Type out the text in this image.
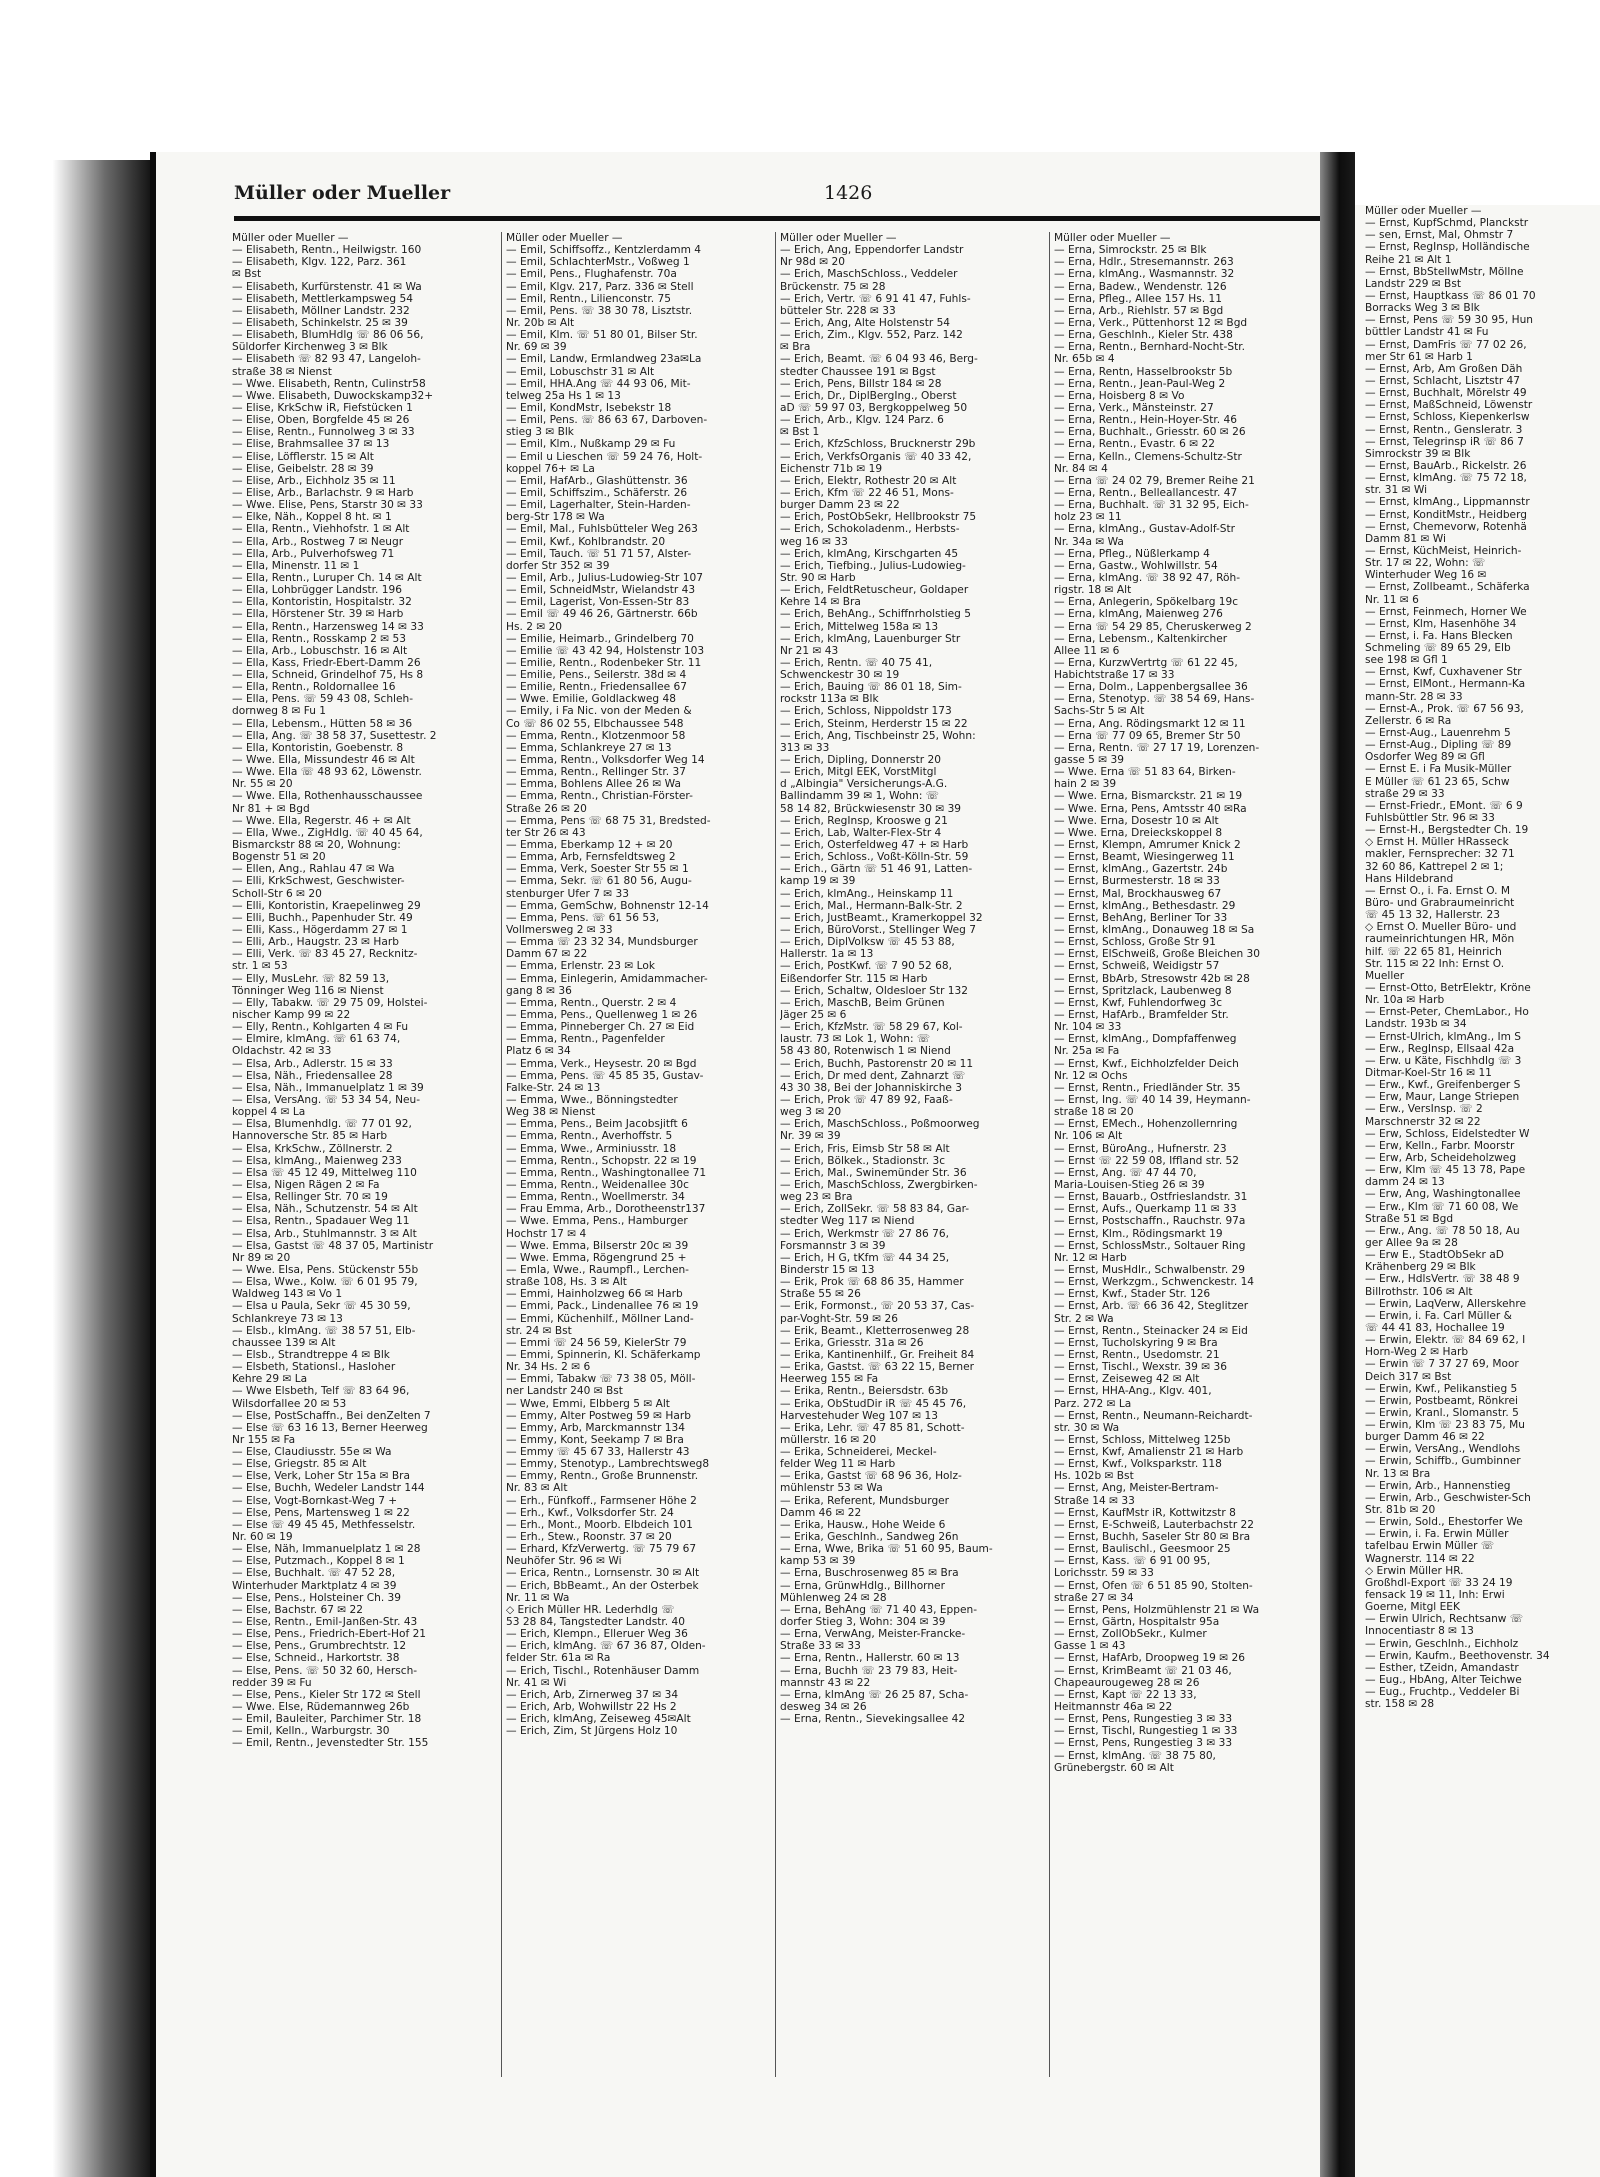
Müller oder Mueller	1426
Müller oder Mueller —
— Elisabeth, Rentn., Heilwigstr. 160
— Elisabeth, Klgv. 122, Parz. 361
✉ Bst
— Elisabeth, Kurfürstenstr. 41 ✉ Wa
— Elisabeth, Mettlerkampsweg 54
— Elisabeth, Möllner Landstr. 232
— Elisabeth, Schinkelstr. 25 ✉ 39
— Elisabeth, BlumHdlg ☏ 86 06 56,
Süldorfer Kirchenweg 3 ✉ Blk
— Elisabeth ☏ 82 93 47, Langeloh-
straße 38 ✉ Nienst
— Wwe. Elisabeth, Rentn, Culinstr58
— Wwe. Elisabeth, Duwockskamp32+
— Elise, KrkSchw iR, Fiefstücken 1
— Elise, Oben, Borgfelde 45 ✉ 26
— Elise, Rentn., Funnolweg 3 ✉ 33
— Elise, Brahmsallee 37 ✉ 13
— Elise, Löfflerstr. 15 ✉ Alt
— Elise, Geibelstr. 28 ✉ 39
— Elise, Arb., Eichholz 35 ✉ 11
— Elise, Arb., Barlachstr. 9 ✉ Harb
— Wwe. Elise, Pens, Starstr 30 ✉ 33
— Elke, Näh., Koppel 8 ht. ✉ 1
— Ella, Rentn., Viehhofstr. 1 ✉ Alt
— Ella, Arb., Rostweg 7 ✉ Neugr
— Ella, Arb., Pulverhofsweg 71
— Ella, Minenstr. 11 ✉ 1
— Ella, Rentn., Luruper Ch. 14 ✉ Alt
— Ella, Lohbrügger Landstr. 196
— Ella, Kontoristin, Hospitalstr. 32
— Ella, Hörstener Str. 39 ✉ Harb
— Ella, Rentn., Harzensweg 14 ✉ 33
— Ella, Rentn., Rosskamp 2 ✉ 53
— Ella, Arb., Lobuschstr. 16 ✉ Alt
— Ella, Kass, Friedr-Ebert-Damm 26
— Ella, Schneid, Grindelhof 75, Hs 8
— Ella, Rentn., Roldornallee 16
— Ella, Pens. ☏ 59 43 08, Schleh-
dornweg 8 ✉ Fu 1
— Ella, Lebensm., Hütten 58 ✉ 36
— Ella, Ang. ☏ 38 58 37, Susettestr. 2
— Ella, Kontoristin, Goebenstr. 8
— Wwe. Ella, Missundestr 46 ✉ Alt
— Wwe. Ella ☏ 48 93 62, Löwenstr.
Nr. 55 ✉ 20
— Wwe. Ella, Rothenhausschaussee
Nr 81 + ✉ Bgd
— Wwe. Ella, Regerstr. 46 + ✉ Alt
— Ella, Wwe., ZigHdlg. ☏ 40 45 64,
Bismarckstr 88 ✉ 20, Wohnung:
Bogenstr 51 ✉ 20
— Ellen, Ang., Rahlau 47 ✉ Wa
— Elli, KrkSchwest, Geschwister-
Scholl-Str 6 ✉ 20
— Elli, Kontoristin, Kraepelinweg 29
— Elli, Buchh., Papenhuder Str. 49
— Elli, Kass., Högerdamm 27 ✉ 1
— Elli, Arb., Haugstr. 23 ✉ Harb
— Elli, Verk. ☏ 83 45 27, Recknitz-
str. 1 ✉ 53
— Elly, MusLehr. ☏ 82 59 13,
Tönninger Weg 116 ✉ Nienst
— Elly, Tabakw. ☏ 29 75 09, Holstei-
nischer Kamp 99 ✉ 22
— Elly, Rentn., Kohlgarten 4 ✉ Fu
— Elmire, klmAng. ☏ 61 63 74,
Oldachstr. 42 ✉ 33
— Elsa, Arb., Adlerstr. 15 ✉ 33
— Elsa, Näh., Friedensallee 28
— Elsa, Näh., Immanuelplatz 1 ✉ 39
— Elsa, VersAng. ☏ 53 34 54, Neu-
koppel 4 ✉ La
— Elsa, Blumenhdlg. ☏ 77 01 92,
Hannoversche Str. 85 ✉ Harb
— Elsa, KrkSchw., Zöllnerstr. 2
— Elsa, klmAng., Maienweg 233
— Elsa ☏ 45 12 49, Mittelweg 110
— Elsa, Nigen Rägen 2 ✉ Fa
— Elsa, Rellinger Str. 70 ✉ 19
— Elsa, Näh., Schutzenstr. 54 ✉ Alt
— Elsa, Rentn., Spadauer Weg 11
— Elsa, Arb., Stuhlmannstr. 3 ✉ Alt
— Elsa, Gastst ☏ 48 37 05, Martinistr
Nr 89 ✉ 20
— Wwe. Elsa, Pens. Stückenstr 55b
— Elsa, Wwe., Kolw. ☏ 6 01 95 79,
Waldweg 143 ✉ Vo 1
— Elsa u Paula, Sekr ☏ 45 30 59,
Schlankreye 73 ✉ 13
— Elsb., klmAng. ☏ 38 57 51, Elb-
chaussee 139 ✉ Alt
— Elsb., Strandtreppe 4 ✉ Blk
— Elsbeth, Stationsl., Hasloher
Kehre 29 ✉ La
— Wwe Elsbeth, Telf ☏ 83 64 96,
Wilsdorfallee 20 ✉ 53
— Else, PostSchaffn., Bei denZelten 7
— Else ☏ 63 16 13, Berner Heerweg
Nr 155 ✉ Fa
— Else, Claudiusstr. 55e ✉ Wa
— Else, Griegstr. 85 ✉ Alt
— Else, Verk, Loher Str 15a ✉ Bra
— Else, Buchh, Wedeler Landstr 144
— Else, Vogt-Bornkast-Weg 7 +
— Else, Pens, Martensweg 1 ✉ 22
— Else ☏ 49 45 45, Methfesselstr.
Nr. 60 ✉ 19
— Else, Näh, Immanuelplatz 1 ✉ 28
— Else, Putzmach., Koppel 8 ✉ 1
— Else, Buchhalt. ☏ 47 52 28,
Winterhuder Marktplatz 4 ✉ 39
— Else, Pens., Holsteiner Ch. 39
— Else, Bachstr. 67 ✉ 22
— Else, Rentn., Emil-Janßen-Str. 43
— Else, Pens., Friedrich-Ebert-Hof 21
— Else, Pens., Grumbrechtstr. 12
— Else, Schneid., Harkortstr. 38
— Else, Pens. ☏ 50 32 60, Hersch-
redder 39 ✉ Fu
— Else, Pens., Kieler Str 172 ✉ Stell
— Wwe. Else, Rüdemannweg 26b
— Emil, Bauleiter, Parchimer Str. 18
— Emil, Kelln., Warburgstr. 30
— Emil, Rentn., Jevenstedter Str. 155
Müller oder Mueller —
— Emil, Schiffsoffz., Kentzlerdamm 4
— Emil, SchlachterMstr., Voßweg 1
— Emil, Pens., Flughafenstr. 70a
— Emil, Klgv. 217, Parz. 336 ✉ Stell
— Emil, Rentn., Lilienconstr. 75
— Emil, Pens. ☏ 38 30 78, Lisztstr.
Nr. 20b ✉ Alt
— Emil, Klm. ☏ 51 80 01, Bilser Str.
Nr. 69 ✉ 39
— Emil, Landw, Ermlandweg 23a✉La
— Emil, Lobuschstr 31 ✉ Alt
— Emil, HHA.Ang ☏ 44 93 06, Mit-
telweg 25a Hs 1 ✉ 13
— Emil, KondMstr, Isebekstr 18
— Emil, Pens. ☏ 86 63 67, Darboven-
stieg 3 ✉ Blk
— Emil, Klm., Nußkamp 29 ✉ Fu
— Emil u Lieschen ☏ 59 24 76, Holt-
koppel 76+ ✉ La
— Emil, HafArb., Glashüttenstr. 36
— Emil, Schiffszim., Schäferstr. 26
— Emil, Lagerhalter, Stein-Harden-
berg-Str 178 ✉ Wa
— Emil, Mal., Fuhlsbütteler Weg 263
— Emil, Kwf., Kohlbrandstr. 20
— Emil, Tauch. ☏ 51 71 57, Alster-
dorfer Str 352 ✉ 39
— Emil, Arb., Julius-Ludowieg-Str 107
— Emil, SchneidMstr, Wielandstr 43
— Emil, Lagerist, Von-Essen-Str 83
— Emil ☏ 49 46 26, Gärtnerstr. 66b
Hs. 2 ✉ 20
— Emilie, Heimarb., Grindelberg 70
— Emilie ☏ 43 42 94, Holstenstr 103
— Emilie, Rentn., Rodenbeker Str. 11
— Emilie, Pens., Seilerstr. 38d ✉ 4
— Emilie, Rentn., Friedensallee 67
— Wwe. Emilie, Goldlackweg 48
— Emily, i Fa Nic. von der Meden &
Co ☏ 86 02 55, Elbchaussee 548
— Emma, Rentn., Klotzenmoor 58
— Emma, Schlankreye 27 ✉ 13
— Emma, Rentn., Volksdorfer Weg 14
— Emma, Rentn., Rellinger Str. 37
— Emma, Bohlens Allee 26 ✉ Wa
— Emma, Rentn., Christian-Förster-
Straße 26 ✉ 20
— Emma, Pens ☏ 68 75 31, Bredsted-
ter Str 26 ✉ 43
— Emma, Eberkamp 12 + ✉ 20
— Emma, Arb, Fernsfeldtsweg 2
— Emma, Verk, Soester Str 55 ✉ 1
— Emma, Sekr. ☏ 61 80 56, Augu-
stenburger Ufer 7 ✉ 33
— Emma, GemSchw, Bohnenstr 12-14
— Emma, Pens. ☏ 61 56 53,
Vollmersweg 2 ✉ 33
— Emma ☏ 23 32 34, Mundsburger
Damm 67 ✉ 22
— Emma, Erlenstr. 23 ✉ Lok
— Emma, Einlegerin, Amidammacher-
gang 8 ✉ 36
— Emma, Rentn., Querstr. 2 ✉ 4
— Emma, Pens., Quellenweg 1 ✉ 26
— Emma, Pinneberger Ch. 27 ✉ Eid
— Emma, Rentn., Pagenfelder
Platz 6 ✉ 34
— Emma, Verk., Heysestr. 20 ✉ Bgd
— Emma, Pens. ☏ 45 85 35, Gustav-
Falke-Str. 24 ✉ 13
— Emma, Wwe., Bönningstedter
Weg 38 ✉ Nienst
— Emma, Pens., Beim Jacobsjitft 6
— Emma, Rentn., Averhoffstr. 5
— Emma, Wwe., Arminiusstr. 18
— Emma, Rentn., Schopstr. 22 ✉ 19
— Emma, Rentn., Washingtonallee 71
— Emma, Rentn., Weidenallee 30c
— Emma, Rentn., Woellmerstr. 34
— Frau Emma, Arb., Dorotheenstr137
— Wwe. Emma, Pens., Hamburger
Hochstr 17 ✉ 4
— Wwe. Emma, Bilserstr 20c ✉ 39
— Wwe. Emma, Rögengrund 25 +
— Emla, Wwe., Raumpfl., Lerchen-
straße 108, Hs. 3 ✉ Alt
— Emmi, Hainholzweg 66 ✉ Harb
— Emmi, Pack., Lindenallee 76 ✉ 19
— Emmi, Küchenhilf., Möllner Land-
str. 24 ✉ Bst
— Emmi ☏ 24 56 59, KielerStr 79
— Emmi, Spinnerin, Kl. Schäferkamp
Nr. 34 Hs. 2 ✉ 6
— Emmi, Tabakw ☏ 73 38 05, Möll-
ner Landstr 240 ✉ Bst
— Wwe, Emmi, Elbberg 5 ✉ Alt
— Emmy, Alter Postweg 59 ✉ Harb
— Emmy, Arb, Marckmannstr 134
— Emmy, Kont, Seekamp 7 ✉ Bra
— Emmy ☏ 45 67 33, Hallerstr 43
— Emmy, Stenotyp., Lambrechtsweg8
— Emmy, Rentn., Große Brunnenstr.
Nr. 83 ✉ Alt
— Erh., Fünfkoff., Farmsener Höhe 2
— Erh., Kwf., Volksdorfer Str. 24
— Erh., Mont., Moorb. Elbdeich 101
— Erh., Stew., Roonstr. 37 ✉ 20
— Erhard, KfzVerwertg. ☏ 75 79 67
Neuhöfer Str. 96 ✉ Wi
— Erica, Rentn., Lornsenstr. 30 ✉ Alt
— Erich, BbBeamt., An der Osterbek
Nr. 11 ✉ Wa
◇ Erich Müller HR. Lederhdlg ☏
53 28 84, Tangstedter Landstr. 40
— Erich, Klempn., Elleruer Weg 36
— Erich, klmAng. ☏ 67 36 87, Olden-
felder Str. 61a ✉ Ra
— Erich, Tischl., Rotenhäuser Damm
Nr. 41 ✉ Wi
— Erich, Arb, Zirnerweg 37 ✉ 34
— Erich, Arb, Wohwillstr 22 Hs 2
— Erich, klmAng, Zeiseweg 45✉Alt
— Erich, Zim, St Jürgens Holz 10
Müller oder Mueller —
— Erich, Ang, Eppendorfer Landstr
Nr 98d ✉ 20
— Erich, MaschSchloss., Veddeler
Brückenstr. 75 ✉ 28
— Erich, Vertr. ☏ 6 91 41 47, Fuhls-
bütteler Str. 228 ✉ 33
— Erich, Ang, Alte Holstenstr 54
— Erich, Zim., Klgv. 552, Parz. 142
✉ Bra
— Erich, Beamt. ☏ 6 04 93 46, Berg-
stedter Chaussee 191 ✉ Bgst
— Erich, Pens, Billstr 184 ✉ 28
— Erich, Dr., DiplBergIng., Oberst
aD ☏ 59 97 03, Bergkoppelweg 50
— Erich, Arb., Klgv. 124 Parz. 6
✉ Bst 1
— Erich, KfzSchloss, Brucknerstr 29b
— Erich, VerkfsOrganis ☏ 40 33 42,
Eichenstr 71b ✉ 19
— Erich, Elektr, Rothestr 20 ✉ Alt
— Erich, Kfm ☏ 22 46 51, Mons-
burger Damm 23 ✉ 22
— Erich, PostObSekr, Hellbrookstr 75
— Erich, Schokoladenm., Herbsts-
weg 16 ✉ 33
— Erich, klmAng, Kirschgarten 45
— Erich, Tiefbing., Julius-Ludowieg-
Str. 90 ✉ Harb
— Erich, FeldtRetuscheur, Goldaper
Kehre 14 ✉ Bra
— Erich, BehAng., Schiffnrholstieg 5
— Erich, Mittelweg 158a ✉ 13
— Erich, klmAng, Lauenburger Str
Nr 21 ✉ 43
— Erich, Rentn. ☏ 40 75 41,
Schwenckestr 30 ✉ 19
— Erich, Bauing ☏ 86 01 18, Sim-
rockstr 113a ✉ Blk
— Erich, Schloss, Nippoldstr 173
— Erich, Steinm, Herderstr 15 ✉ 22
— Erich, Ang, Tischbeinstr 25, Wohn:
313 ✉ 33
— Erich, Dipling, Donnerstr 20
— Erich, Mitgl EEK, VorstMitgl
d „Albingia" Versicherungs-A.G.
Ballindamm 39 ✉ 1, Wohn: ☏
58 14 82, Brückwiesenstr 30 ✉ 39
— Erich, RegInsp, Krooswe g 21
— Erich, Lab, Walter-Flex-Str 4
— Erich, Osterfeldweg 47 + ✉ Harb
— Erich, Schloss., Voßt-Kölln-Str. 59
— Erich., Gärtn ☏ 51 46 91, Latten-
kamp 19 ✉ 39
— Erich, klmAng., Heinskamp 11
— Erich, Mal., Hermann-Balk-Str. 2
— Erich, JustBeamt., Kramerkoppel 32
— Erich, BüroVorst., Stellinger Weg 7
— Erich, DiplVolksw ☏ 45 53 88,
Hallerstr. 1a ✉ 13
— Erich, PostKwf. ☏ 7 90 52 68,
Eißendorfer Str. 115 ✉ Harb
— Erich, Schaltw, Oldesloer Str 132
— Erich, MaschB, Beim Grünen
Jäger 25 ✉ 6
— Erich, KfzMstr. ☏ 58 29 67, Kol-
laustr. 73 ✉ Lok 1, Wohn: ☏
58 43 80, Rotenwisch 1 ✉ Niend
— Erich, Buchh, Pastorenstr 20 ✉ 11
— Erich, Dr med dent, Zahnarzt ☏
43 30 38, Bei der Johanniskirche 3
— Erich, Prok ☏ 47 89 92, Faaß-
weg 3 ✉ 20
— Erich, MaschSchloss., Poßmoorweg
Nr. 39 ✉ 39
— Erich, Fris, Eimsb Str 58 ✉ Alt
— Erich, Bölkek., Stadionstr. 3c
— Erich, Mal., Swinemünder Str. 36
— Erich, MaschSchloss, Zwergbirken-
weg 23 ✉ Bra
— Erich, ZollSekr. ☏ 58 83 84, Gar-
stedter Weg 117 ✉ Niend
— Erich, Werkmstr ☏ 27 86 76,
Forsmannstr 3 ✉ 39
— Erich, H G, tKfm ☏ 44 34 25,
Binderstr 15 ✉ 13
— Erik, Prok ☏ 68 86 35, Hammer
Straße 55 ✉ 26
— Erik, Formonst., ☏ 20 53 37, Cas-
par-Voght-Str. 59 ✉ 26
— Erik, Beamt., Kletterrosenweg 28
— Erika, Griesstr. 31a ✉ 26
— Erika, Kantinenhilf., Gr. Freiheit 84
— Erika, Gastst. ☏ 63 22 15, Berner
Heerweg 155 ✉ Fa
— Erika, Rentn., Beiersdstr. 63b
— Erika, ObStudDir iR ☏ 45 45 76,
Harvestehuder Weg 107 ✉ 13
— Erika, Lehr. ☏ 47 85 81, Schott-
müllerstr. 16 ✉ 20
— Erika, Schneiderei, Meckel-
felder Weg 11 ✉ Harb
— Erika, Gastst ☏ 68 96 36, Holz-
mühlenstr 53 ✉ Wa
— Erika, Referent, Mundsburger
Damm 46 ✉ 22
— Erika, Hausw., Hohe Weide 6
— Erika, Geschlnh., Sandweg 26n
— Erna, Wwe, Brika ☏ 51 60 95, Baum-
kamp 53 ✉ 39
— Erna, Buschrosenweg 85 ✉ Bra
— Erna, GrünwHdlg., Billhorner
Mühlenweg 24 ✉ 28
— Erna, BehAng ☏ 71 40 43, Eppen-
dorfer Stieg 3, Wohn: 304 ✉ 39
— Erna, VerwAng, Meister-Francke-
Straße 33 ✉ 33
— Erna, Rentn., Hallerstr. 60 ✉ 13
— Erna, Buchh ☏ 23 79 83, Heit-
mannstr 43 ✉ 22
— Erna, klmAng ☏ 26 25 87, Scha-
desweg 34 ✉ 26
— Erna, Rentn., Sievekingsallee 42
Müller oder Mueller —
— Erna, Simrockstr. 25 ✉ Blk
— Erna, Hdlr., Stresemannstr. 263
— Erna, klmAng., Wasmannstr. 32
— Erna, Badew., Wendenstr. 126
— Erna, Pfleg., Allee 157 Hs. 11
— Erna, Arb., Riehlstr. 57 ✉ Bgd
— Erna, Verk., Püttenhorst 12 ✉ Bgd
— Erna, Geschlnh., Kieler Str. 438
— Erna, Rentn., Bernhard-Nocht-Str.
Nr. 65b ✉ 4
— Erna, Rentn, Hasselbrookstr 5b
— Erna, Rentn., Jean-Paul-Weg 2
— Erna, Hoisberg 8 ✉ Vo
— Erna, Verk., Mänsteinstr. 27
— Erna, Rentn., Hein-Hoyer-Str. 46
— Erna, Buchhalt., Griesstr. 60 ✉ 26
— Erna, Rentn., Evastr. 6 ✉ 22
— Erna, Kelln., Clemens-Schultz-Str
Nr. 84 ✉ 4
— Erna ☏ 24 02 79, Bremer Reihe 21
— Erna, Rentn., Belleallancestr. 47
— Erna, Buchhalt. ☏ 31 32 95, Eich-
holz 23 ✉ 11
— Erna, klmAng., Gustav-Adolf-Str
Nr. 34a ✉ Wa
— Erna, Pfleg., Nüßlerkamp 4
— Erna, Gastw., Wohlwillstr. 54
— Erna, klmAng. ☏ 38 92 47, Röh-
rigstr. 18 ✉ Alt
— Erna, Anlegerin, Spökelbarg 19c
— Erna, klmAng, Maienweg 276
— Erna ☏ 54 29 85, Cheruskerweg 2
— Erna, Lebensm., Kaltenkircher
Allee 11 ✉ 6
— Erna, KurzwVertrtg ☏ 61 22 45,
Habichtstraße 17 ✉ 33
— Erna, Dolm., Lappenbergsallee 36
— Erna, Stenotyp. ☏ 38 54 69, Hans-
Sachs-Str 5 ✉ Alt
— Erna, Ang. Rödingsmarkt 12 ✉ 11
— Erna ☏ 77 09 65, Bremer Str 50
— Erna, Rentn. ☏ 27 17 19, Lorenzen-
gasse 5 ✉ 39
— Wwe. Erna ☏ 51 83 64, Birken-
hain 2 ✉ 39
— Wwe. Erna, Bismarckstr. 21 ✉ 19
— Wwe. Erna, Pens, Amtsstr 40 ✉Ra
— Wwe. Erna, Dosestr 10 ✉ Alt
— Wwe. Erna, Dreieckskoppel 8
— Ernst, Klempn, Amrumer Knick 2
— Ernst, Beamt, Wiesingerweg 11
— Ernst, klmAng., Gazertstr. 24b
— Ernst, Burmesterstr. 18 ✉ 33
— Ernst, Mal, Brockhausweg 67
— Ernst, klmAng., Bethesdastr. 29
— Ernst, BehAng, Berliner Tor 33
— Ernst, klmAng., Donauweg 18 ✉ Sa
— Ernst, Schloss, Große Str 91
— Ernst, ElSchweiß, Große Bleichen 30
— Ernst, Schweiß, Weidigstr 57
— Ernst, BbArb, Stresowstr 42b ✉ 28
— Ernst, Spritzlack, Laubenweg 8
— Ernst, Kwf, Fuhlendorfweg 3c
— Ernst, HafArb., Bramfelder Str.
Nr. 104 ✉ 33
— Ernst, klmAng., Dompfaffenweg
Nr. 25a ✉ Fa
— Ernst, Kwf., Eichholzfelder Deich
Nr. 12 ✉ Ochs
— Ernst, Rentn., Friedländer Str. 35
— Ernst, Ing. ☏ 40 14 39, Heymann-
straße 18 ✉ 20
— Ernst, EMech., Hohenzollernring
Nr. 106 ✉ Alt
— Ernst, BüroAng., Hufnerstr. 23
— Ernst ☏ 22 59 08, Iffland str. 52
— Ernst, Ang. ☏ 47 44 70,
Maria-Louisen-Stieg 26 ✉ 39
— Ernst, Bauarb., Ostfrieslandstr. 31
— Ernst, Aufs., Querkamp 11 ✉ 33
— Ernst, Postschaffn., Rauchstr. 97a
— Ernst, Klm., Rödingsmarkt 19
— Ernst, SchlossMstr., Soltauer Ring
Nr. 12 ✉ Harb
— Ernst, MusHdlr., Schwalbenstr. 29
— Ernst, Werkzgm., Schwenckestr. 14
— Ernst, Kwf., Stader Str. 126
— Ernst, Arb. ☏ 66 36 42, Steglitzer
Str. 2 ✉ Wa
— Ernst, Rentn., Steinacker 24 ✉ Eid
— Ernst, Tucholskyring 9 ✉ Bra
— Ernst, Rentn., Usedomstr. 21
— Ernst, Tischl., Wexstr. 39 ✉ 36
— Ernst, Zeiseweg 42 ✉ Alt
— Ernst, HHA-Ang., Klgv. 401,
Parz. 272 ✉ La
— Ernst, Rentn., Neumann-Reichardt-
str. 30 ✉ Wa
— Ernst, Schloss, Mittelweg 125b
— Ernst, Kwf, Amalienstr 21 ✉ Harb
— Ernst, Kwf., Volksparkstr. 118
Hs. 102b ✉ Bst
— Ernst, Ang, Meister-Bertram-
Straße 14 ✉ 33
— Ernst, KaufMstr iR, Kottwitzstr 8
— Ernst, E-Schweiß, Lauterbachstr 22
— Ernst, Buchh, Saseler Str 80 ✉ Bra
— Ernst, Baulischl., Geesmoor 25
— Ernst, Kass. ☏ 6 91 00 95,
Lorichsstr. 59 ✉ 33
— Ernst, Ofen ☏ 6 51 85 90, Stolten-
straße 27 ✉ 34
— Ernst, Pens, Holzmühlenstr 21 ✉ Wa
— Ernst, Gärtn, Hospitalstr 95a
— Ernst, ZollObSekr., Kulmer
Gasse 1 ✉ 43
— Ernst, HafArb, Droopweg 19 ✉ 26
— Ernst, KrimBeamt ☏ 21 03 46,
Chapeaurougeweg 28 ✉ 26
— Ernst, Kapt ☏ 22 13 33,
Heitmannstr 46a ✉ 22
— Ernst, Pens, Rungestieg 3 ✉ 33
— Ernst, Tischl, Rungestieg 1 ✉ 33
— Ernst, Pens, Rungestieg 3 ✉ 33
— Ernst, klmAng. ☏ 38 75 80,
Grünebergstr. 60 ✉ Alt
Müller oder Mueller —
— Ernst, KupfSchmd, Planckstr
— sen, Ernst, Mal, Ohmstr 7
— Ernst, RegInsp, Holländische
Reihe 21 ✉ Alt 1
— Ernst, BbStellwMstr, Möllne
Landstr 229 ✉ Bst
— Ernst, Hauptkass ☏ 86 01 70
Borracks Weg 3 ✉ Blk
— Ernst, Pens ☏ 59 30 95, Hun
büttler Landstr 41 ✉ Fu
— Ernst, DamFris ☏ 77 02 26,
mer Str 61 ✉ Harb 1
— Ernst, Arb, Am Großen Däh
— Ernst, Schlacht, Lisztstr 47
— Ernst, Buchhalt, Mörelstr 49
— Ernst, MaßSchneid, Löwenstr
— Ernst, Schloss, Kiepenkerlsw
— Ernst, Rentn., Gensleratr. 3
— Ernst, Telegrinsp iR ☏ 86 7
Simrockstr 39 ✉ Blk
— Ernst, BauArb., Rickelstr. 26
— Ernst, klmAng. ☏ 75 72 18,
str. 31 ✉ Wi
— Ernst, klmAng., Lippmannstr
— Ernst, KonditMstr., Heidberg
— Ernst, Chemevorw, Rotenhä
Damm 81 ✉ Wi
— Ernst, KüchMeist, Heinrich-
Str. 17 ✉ 22, Wohn: ☏
Winterhuder Weg 16 ✉
— Ernst, Zollbeamt., Schäferka
Nr. 11 ✉ 6
— Ernst, Feinmech, Horner We
— Ernst, Klm, Hasenhöhe 34
— Ernst, i. Fa. Hans Blecken
Schmeling ☏ 89 65 29, Elb
see 198 ✉ Gfl 1
— Ernst, Kwf, Cuxhavener Str
— Ernst, ElMont., Hermann-Ka
mann-Str. 28 ✉ 33
— Ernst-A., Prok. ☏ 67 56 93,
Zellerstr. 6 ✉ Ra
— Ernst-Aug., Lauenrehm 5
— Ernst-Aug., Dipling ☏ 89
Osdorfer Weg 89 ✉ Gfl
— Ernst E. i Fa Musik-Müller
E Müller ☏ 61 23 65, Schw
straße 29 ✉ 33
— Ernst-Friedr., EMont. ☏ 6 9
Fuhlsbüttler Str. 96 ✉ 33
— Ernst-H., Bergstedter Ch. 19
◇ Ernst H. Müller HRasseck
makler, Fernsprecher: 32 71
32 60 86, Kattrepel 2 ✉ 1;
Hans Hildebrand
— Ernst O., i. Fa. Ernst O. M
Büro- und Grabraumeinricht
☏ 45 13 32, Hallerstr. 23
◇ Ernst O. Mueller Büro- und
raumeinrichtungen HR, Mön
hilf. ☏ 22 65 81, Heinrich
Str. 115 ✉ 22 Inh: Ernst O.
Mueller
— Ernst-Otto, BetrElektr, Kröne
Nr. 10a ✉ Harb
— Ernst-Peter, ChemLabor., Ho
Landstr. 193b ✉ 34
— Ernst-Ulrich, klmAng., Im S
— Erw., RegInsp, Ellsaal 42a
— Erw. u Käte, Fischhdlg ☏ 3
Ditmar-Koel-Str 16 ✉ 11
— Erw., Kwf., Greifenberger S
— Erw, Maur, Lange Striepen
— Erw., VersInsp. ☏ 2
Marschnerstr 32 ✉ 22
— Erw, Schloss, Eidelstedter W
— Erw, Kelln., Farbr. Moorstr
— Erw, Arb, Scheideholzweg
— Erw, Klm ☏ 45 13 78, Pape
damm 24 ✉ 13
— Erw, Ang, Washingtonallee
— Erw., Klm ☏ 71 60 08, We
Straße 51 ✉ Bgd
— Erw., Ang. ☏ 78 50 18, Au
ger Allee 9a ✉ 28
— Erw E., StadtObSekr aD
Krähenberg 29 ✉ Blk
— Erw., HdlsVertr. ☏ 38 48 9
Billrothstr. 106 ✉ Alt
— Erwin, LaqVerw, Allerskehre
— Erwin, i. Fa. Carl Müller &
☏ 44 41 83, Hochallee 19
— Erwin, Elektr. ☏ 84 69 62, I
Horn-Weg 2 ✉ Harb
— Erwin ☏ 7 37 27 69, Moor
Deich 317 ✉ Bst
— Erwin, Kwf., Pelikanstieg 5
— Erwin, Postbeamt, Rönkrei
— Erwin, Kranl., Slomanstr. 5
— Erwin, Klm ☏ 23 83 75, Mu
burger Damm 46 ✉ 22
— Erwin, VersAng., Wendlohs
— Erwin, Schiffb., Gumbinner
Nr. 13 ✉ Bra
— Erwin, Arb., Hannenstieg
— Erwin, Arb., Geschwister-Sch
Str. 81b ✉ 20
— Erwin, Sold., Ehestorfer We
— Erwin, i. Fa. Erwin Müller
tafelbau Erwin Müller ☏
Wagnerstr. 114 ✉ 22
◇ Erwin Müller HR.
Großhdl-Export ☏ 33 24 19
fensack 19 ✉ 11, Inh: Erwi
Goerne, Mitgl EEK
— Erwin Ulrich, Rechtsanw ☏
Innocentiastr 8 ✉ 13
— Erwin, Geschlnh., Eichholz
— Erwin, Kaufm., Beethovenstr. 34
— Esther, tZeidn, Amandastr
— Eug., HbAng, Alter Teichwe
— Eug., Fruchtp., Veddeler Bi
str. 158 ✉ 28
